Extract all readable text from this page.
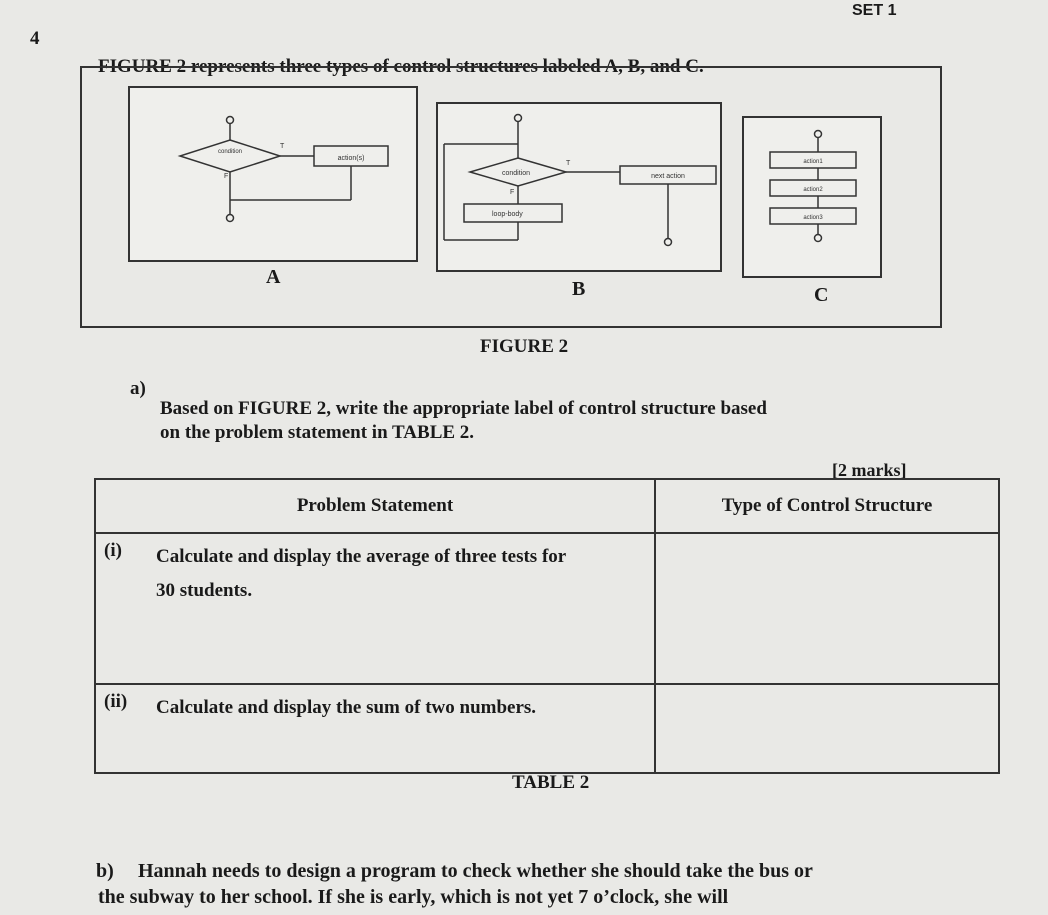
SET 1
4
FIGURE 2 represents three types of control structures labeled A, B, and C.
condition
T
action(s)
F
A
condition
T
next action
F
loop-body
B
action1
action2
action3
C
FIGURE 2
a)
Based on FIGURE 2, write the appropriate label of control structure based
on the problem statement in TABLE 2.
[2 marks]
Problem Statement	Type of Control Structure
(i) Calculate and display the average of three tests for 30 students.	
(ii) Calculate and display the sum of two numbers.	
TABLE 2
b) Hannah needs to design a program to check whether she should take the bus or
the subway to her school. If she is early, which is not yet 7 o’clock, she will
